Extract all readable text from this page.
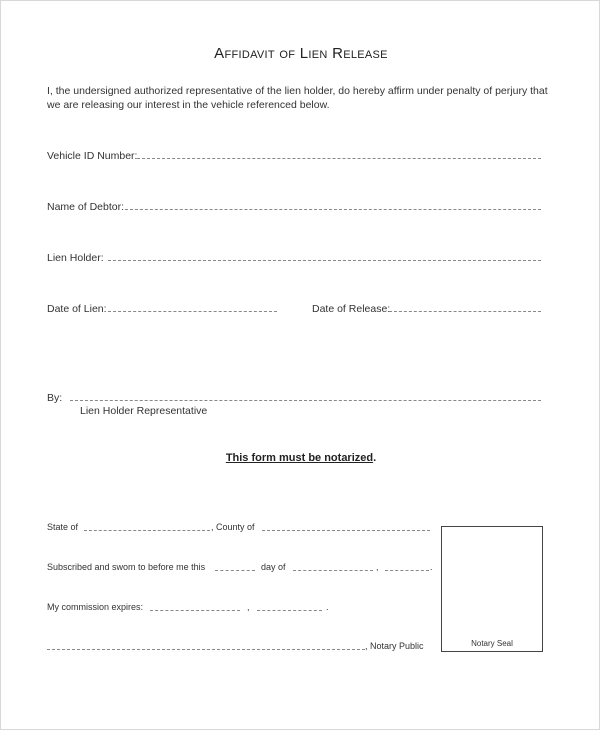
Affidavit of Lien Release
I, the undersigned authorized representative of the lien holder, do hereby affirm under penalty of perjury that we are releasing our interest in the vehicle referenced below.
Vehicle ID Number:
Name of Debtor:
Lien Holder:
Date of Lien:	Date of Release:
By:
Lien Holder Representative
This form must be notarized.
State of	, County of
Subscribed and swom to before me this	day of	,	.
My commission expires:	,	.
, Notary Public	Notary Seal
